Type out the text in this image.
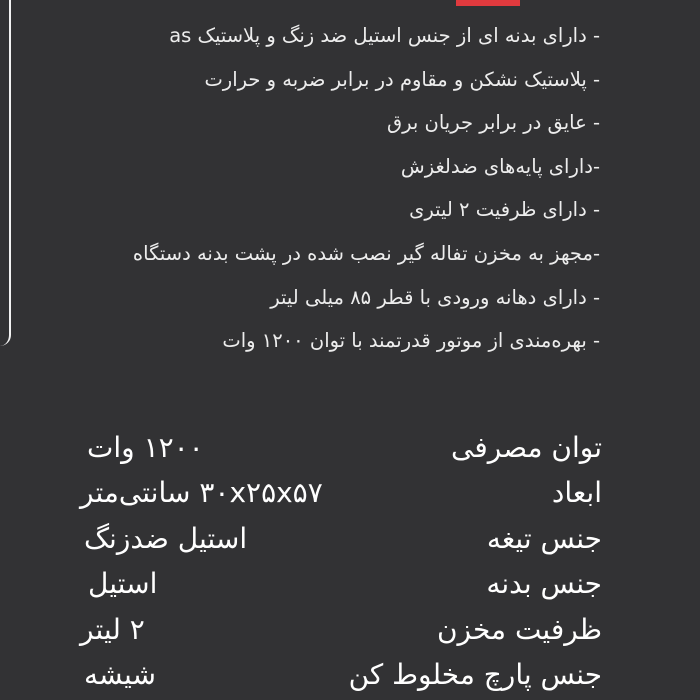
- دارای بدنه ای از جنس استیل ضد زنگ و پلاستیک as
- پلاستیک نشکن و مقاوم در برابر ضربه و حرارت
- عایق در برابر جریان برق
-دارای پایه‌های ضدلغزش
- دارای ظرفیت ۲ لیتری
-مجهز به مخزن تفاله گیر نصب شده در پشت بدنه دستگاه
- دارای دهانه ورودی با قطر ۸۵ میلی لیتر
- بهره‌مندی از موتور قدرتمند با توان ۱۲۰۰ وات
توان مصرفی
۱۲۰۰ وات
ابعاد
۳۰x۲۵x۵۷ سانتی‌متر
جنس تیغه
استیل ضدزنگ
جنس بدنه
استیل
ظرفیت مخزن
۲ لیتر
جنس پارچ مخلوط کن
شیشه
